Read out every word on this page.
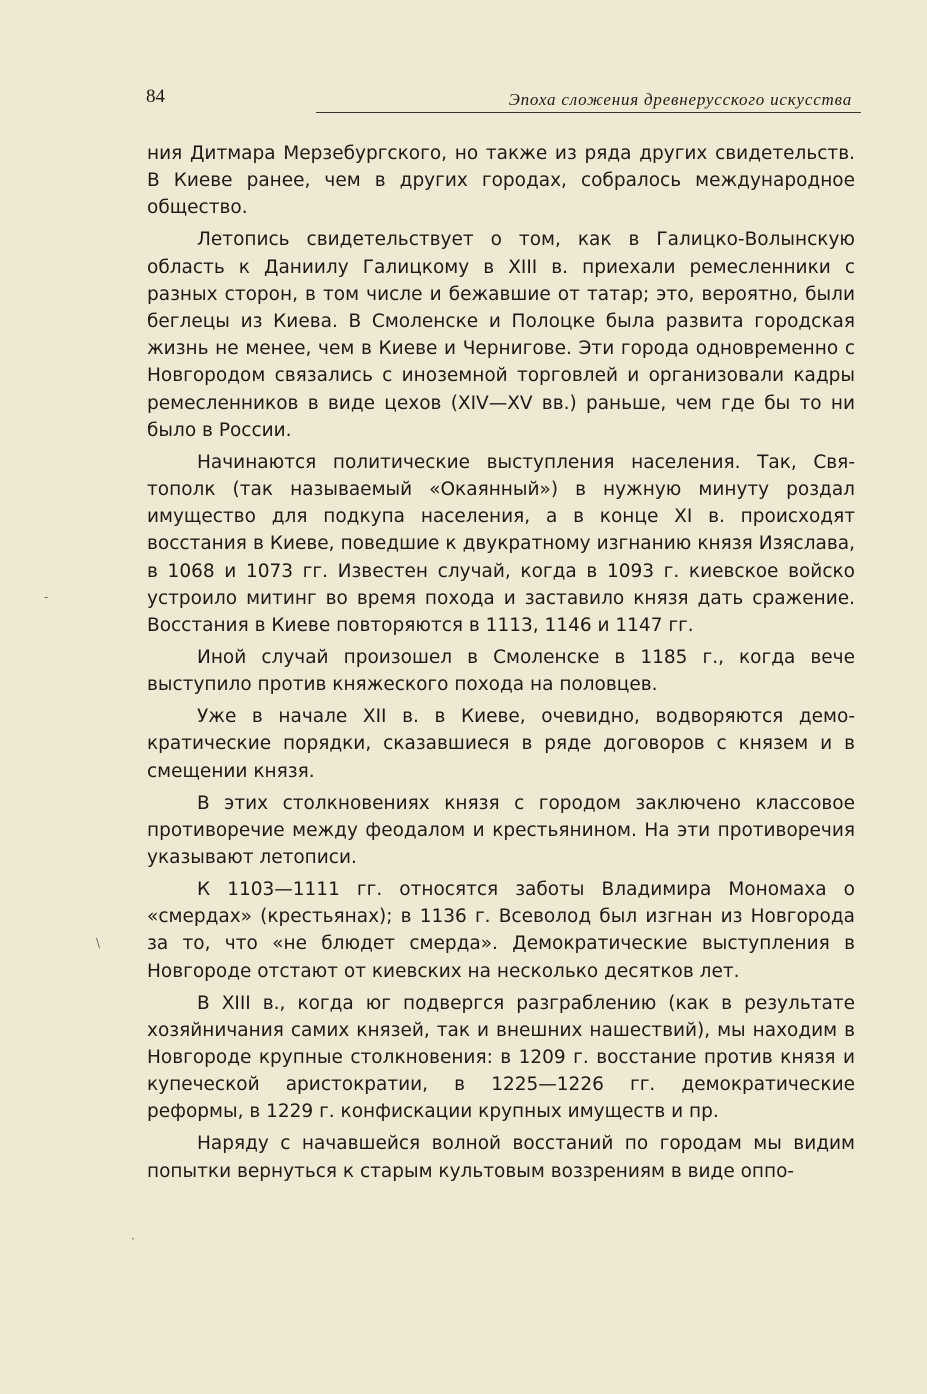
84	Эпоха сложения древнерусского искусства

ния Дитмара Мерзебургского, но также из ряда других свидетельств. В Киеве ранее, чем в других городах, собралось международное общество.

Летопись свидетельствует о том, как в Галицко-Волынскую область к Даниилу Галицкому в XIII в. приехали ремесленники с разных сторон, в том числе и бежавшие от татар; это, вероятно, были беглецы из Киева. В Смоленске и Полоцке была развита городская жизнь не менее, чем в Киеве и Чернигове. Эти города одновременно с Новгородом связались с иноземной торговлей и организовали кадры ремесленников в виде цехов (XIV—XV вв.) раньше, чем где бы то ни было в России.

Начинаются политические выступления населения. Так, Святополк (так называемый «Окаянный») в нужную минуту роздал имущество для подкупа населения, а в конце XI в. происходят восстания в Киеве, поведшие к двукратному изгнанию князя Изяслава, в 1068 и 1073 гг. Известен случай, когда в 1093 г. киевское войско устроило митинг во время похода и заставило князя дать сражение. Восстания в Киеве повторяются в 1113, 1146 и 1147 гг.

Иной случай произошел в Смоленске в 1185 г., когда вече выступило против княжеского похода на половцев.

Уже в начале XII в. в Киеве, очевидно, водворяются демократические порядки, сказавшиеся в ряде договоров с князем и в смещении князя.

В этих столкновениях князя с городом заключено классовое противоречие между феодалом и крестьянином. На эти противоречия указывают летописи.

К 1103—1111 гг. относятся заботы Владимира Мономаха о «смердах» (крестьянах); в 1136 г. Всеволод был изгнан из Новгорода за то, что «не блюдет смерда». Демократические выступления в Новгороде отстают от киевских на несколько десятков лет.

В XIII в., когда юг подвергся разграблению (как в результате хозяйничания самих князей, так и внешних нашествий), мы находим в Новгороде крупные столкновения: в 1209 г. восстание против князя и купеческой аристократии, в 1225—1226 гг. демократические реформы, в 1229 г. конфискации крупных имуществ и пр.

Наряду с начавшейся волной восстаний по городам мы видим попытки вернуться к старым культовым воззрениям в виде оппо-

-
\
·
